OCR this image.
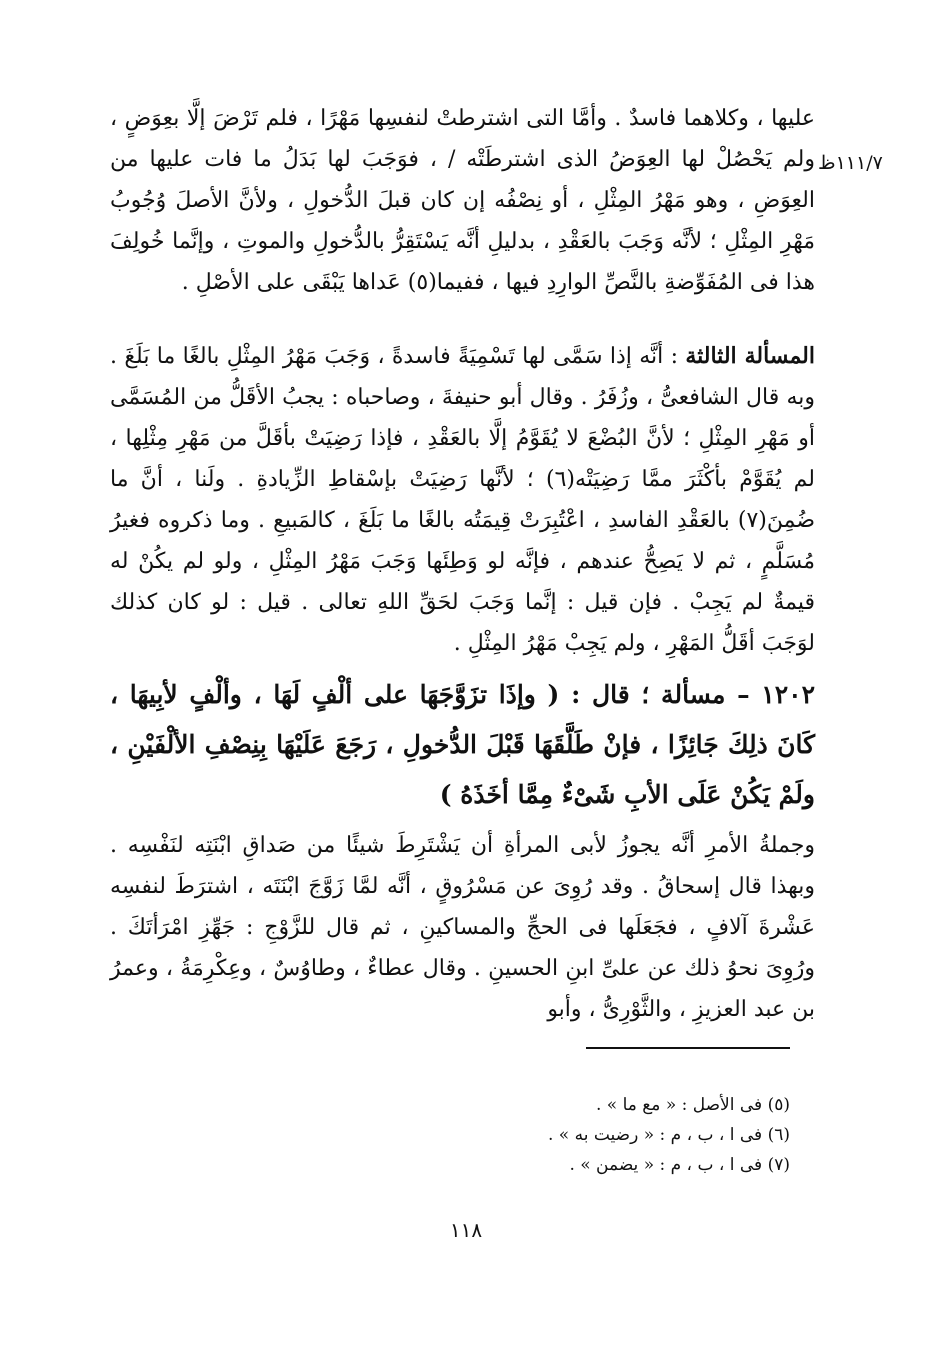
١١١/٧ظ
عليها ، وكلاهما فاسدٌ . وأمَّا التى اشترطتْ لنفسِها مَهْرًا ، فلم تَرْضَ إلَّا بعِوَضٍ ، ولم يَحْصُلْ لها العِوَضُ الذى اشترطَتْه / ، فوَجَبَ لها بَدَلُ ما فات عليها من العِوَضِ ، وهو مَهْرُ المِثْلِ ، أو نِصْفُه إن كان قبلَ الدُّخولِ ، ولأنَّ الأصلَ وُجُوبُ مَهْرِ المِثْلِ ؛ لأنَّه وَجَبَ بالعَقْدِ ، بدليلِ أنَّه يَسْتَقِرُّ بالدُّخولِ والموتِ ، وإنَّما خُولِفَ هذا فى المُفَوِّضةِ بالنَّصِّ الوارِدِ فيها ، ففيما(٥) عَداها يَبْقَى على الأصْلِ .
المسألة الثالثة : أنَّه إذا سَمَّى لها تَسْمِيَةً فاسدةً ، وَجَبَ مَهْرُ المِثْلِ بالغًا ما بَلَغَ . وبه قال الشافعىُّ ، وزُفَرُ . وقال أبو حنيفةَ ، وصاحباه : يجبُ الأقَلُّ من المُسَمَّى أو مَهْرِ المِثْلِ ؛ لأنَّ البُضْعَ لا يُقَوَّمُ إلَّا بالعَقْدِ ، فإذا رَضِيَتْ بأقَلَّ من مَهْرِ مِثْلِها ، لم يُقَوَّمْ بأكْثَرَ ممَّا رَضِيَتْه(٦) ؛ لأنَّها رَضِيَتْ بإسْقاطِ الزِّيادةِ . ولَنا ، أنَّ ما ضُمِنَ(٧) بالعَقْدِ الفاسدِ ، اعْتُبِرَتْ قِيمَتُه بالغًا ما بَلَغَ ، كالمَبيعِ . وما ذكروه فغيرُ مُسَلَّمٍ ، ثم لا يَصِحُّ عندهم ، فإنَّه لو وَطِئَها وَجَبَ مَهْرُ المِثْلِ ، ولو لم يكُنْ له قيمةٌ لم يَجِبْ . فإن قيل : إنَّما وَجَبَ لحَقِّ اللهِ تعالى . قيل : لو كان كذلك لوَجَبَ أقَلُّ المَهْرِ ، ولم يَجِبْ مَهْرُ المِثْلِ .
١٢٠٢ – مسألة ؛ قال : ( وإذَا تزَوَّجَهَا على ألْفٍ لَهَا ، وألْفٍ لأبِيهَا ، كَانَ ذلِكَ جَائِزًا ، فإنْ طَلَّقَهَا قَبْلَ الدُّخولِ ، رَجَعَ عَلَيْهَا بِنِصْفِ الألْفَيْنِ ، ولَمْ يَكُنْ عَلَى الأبِ شَىْءٌ مِمَّا أخَذَهُ )
وجملةُ الأمرِ أنَّه يجوزُ لأبى المرأةِ أن يَشْتَرِطَ شيئًا من صَداقِ ابْنَتِه لنَفْسِه . وبهذا قال إسحاقُ . وقد رُوِىَ عن مَسْرُوقٍ ، أنَّه لمَّا زَوَّجَ ابْنَتَه ، اشترَطَ لنفسِه عَشْرةَ آلافٍ ، فجَعَلَها فى الحجِّ والمساكينِ ، ثم قال للزَّوْجِ : جَهِّزِ امْرَأتَكَ . ورُوِىَ نحوُ ذلك عن علىِّ ابنِ الحسينِ . وقال عطاءٌ ، وطاوُسٌ ، وعِكْرِمَةُ ، وعمرُ بن عبد العزيزِ ، والثَّوْرِىُّ ، وأبو
(٥) فى الأصل : « مع ما » .
(٦) فى ا ، ب ، م : « رضيت به » .
(٧) فى ا ، ب ، م : « يضمن » .
١١٨
